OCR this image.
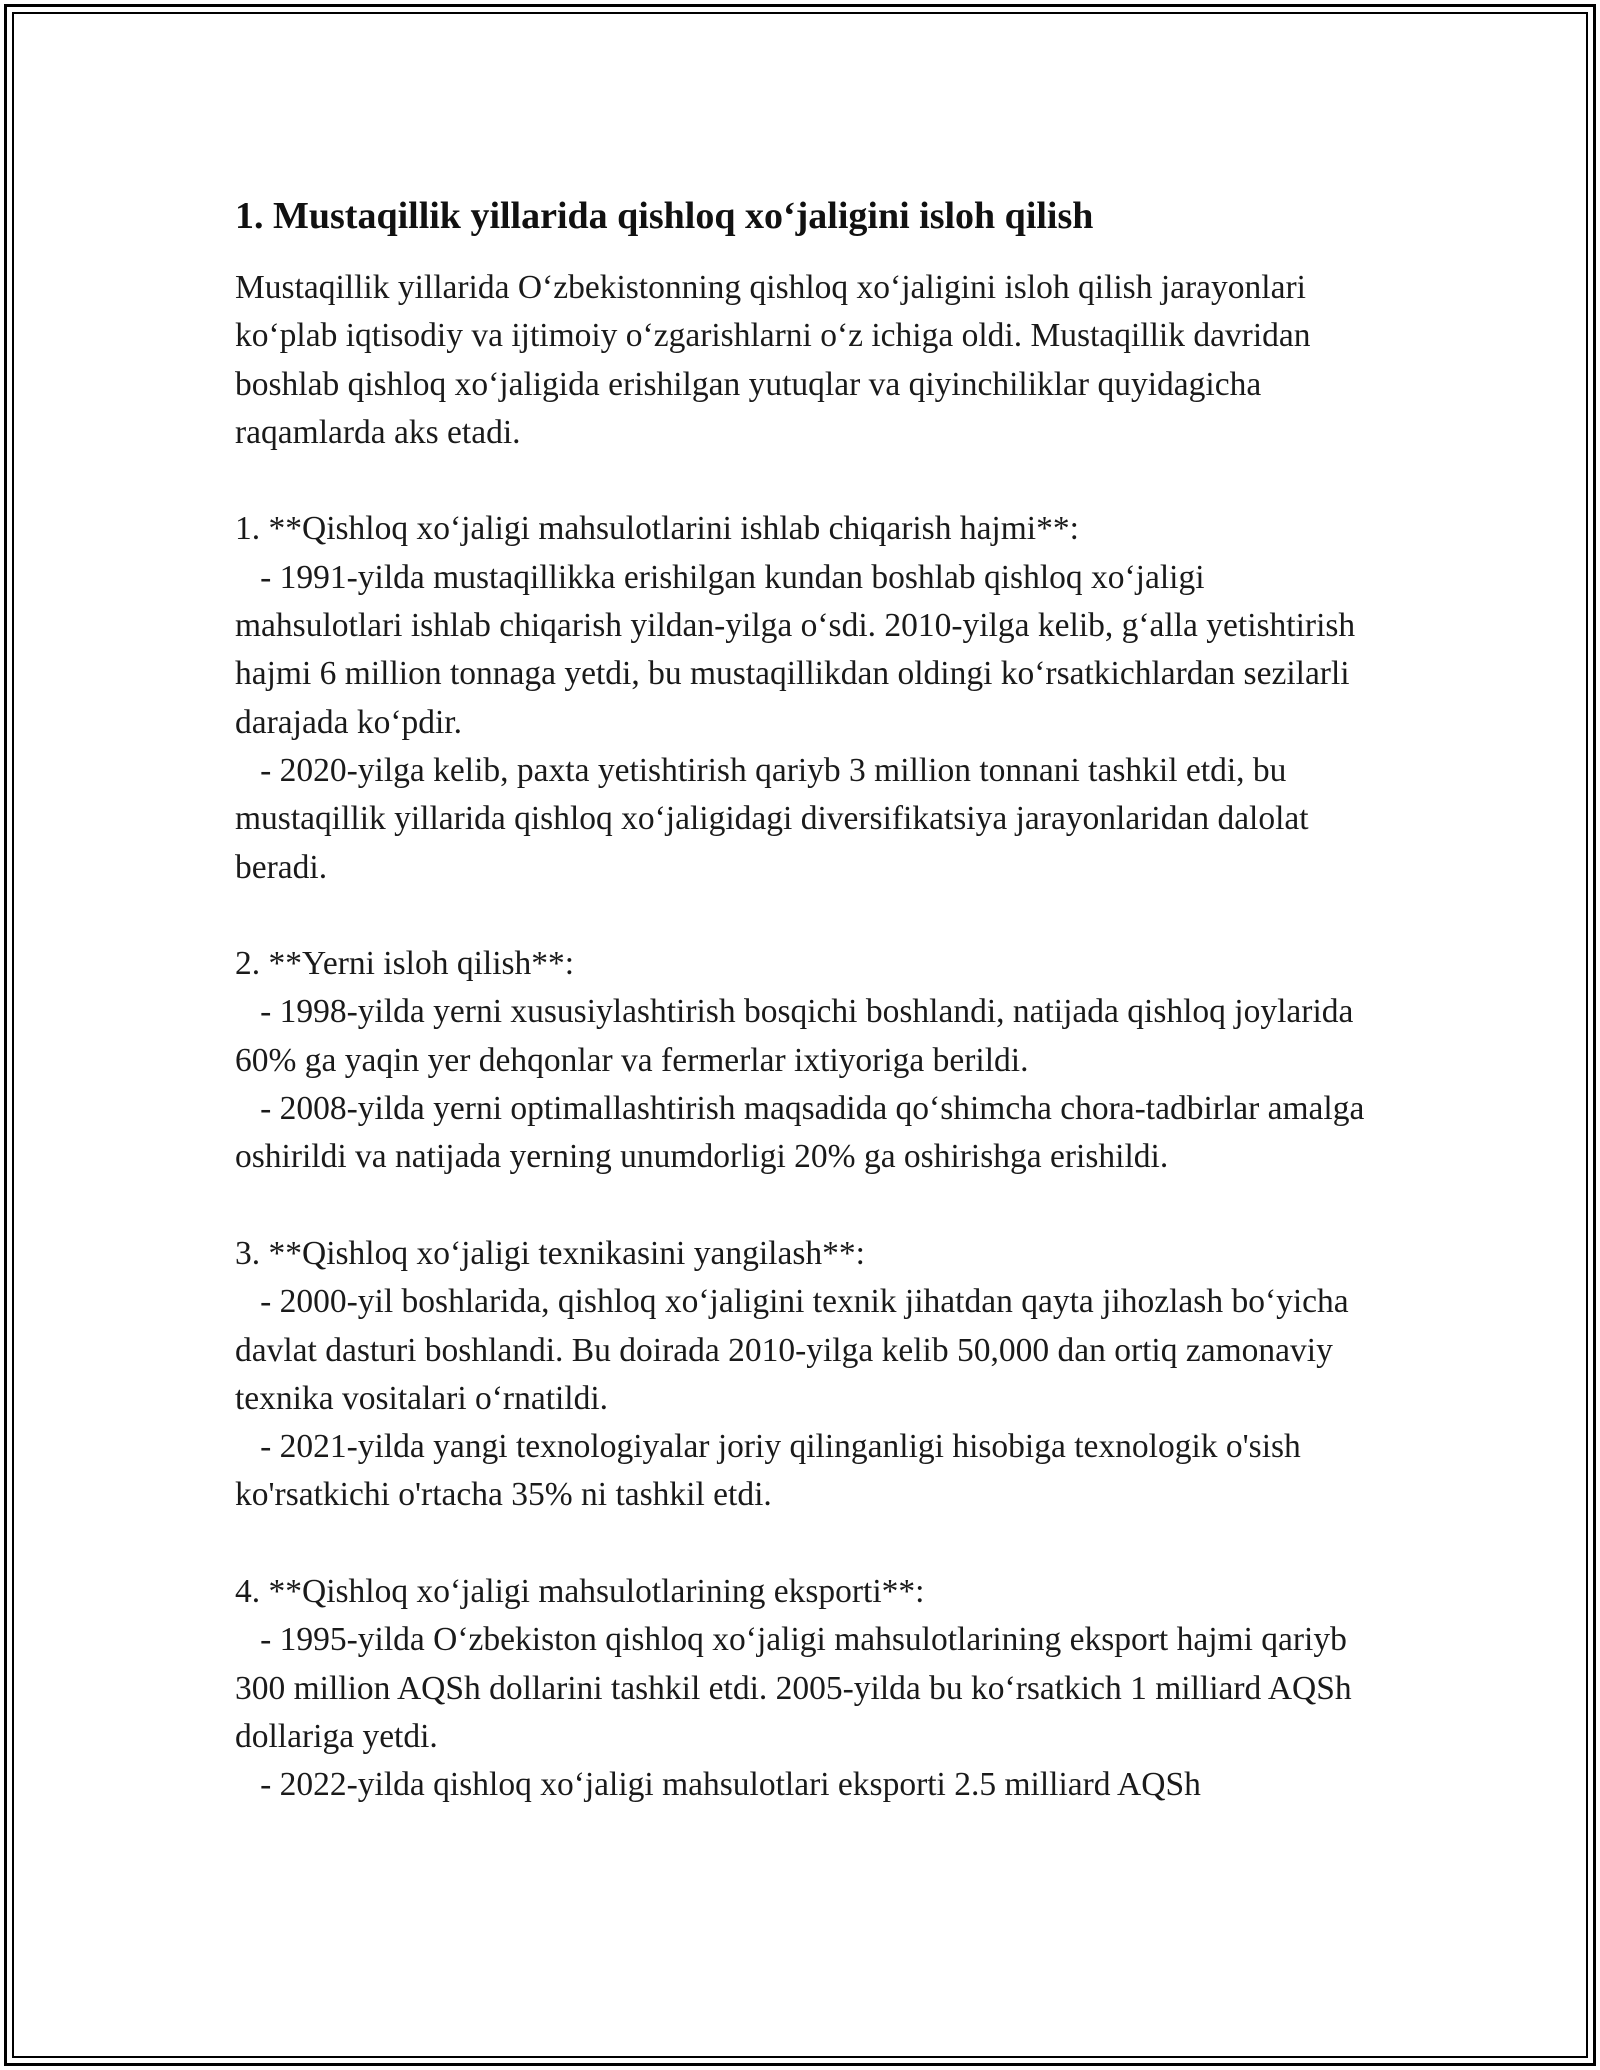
1. Mustaqillik yillarida qishloq xoʻjaligini isloh qilish

Mustaqillik yillarida Oʻzbekistonning qishloq xoʻjaligini isloh qilish jarayonlari koʻplab iqtisodiy va ijtimoiy oʻzgarishlarni oʻz ichiga oldi. Mustaqillik davridan boshlab qishloq xoʻjaligida erishilgan yutuqlar va qiyinchiliklar quyidagicha raqamlarda aks etadi.

1. **Qishloq xoʻjaligi mahsulotlarini ishlab chiqarish hajmi**:

- 1991-yilda mustaqillikka erishilgan kundan boshlab qishloq xoʻjaligi mahsulotlari ishlab chiqarish yildan-yilga oʻsdi. 2010-yilga kelib, gʻalla yetishtirish hajmi 6 million tonnaga yetdi, bu mustaqillikdan oldingi koʻrsatkichlardan sezilarli darajada koʻpdir.

- 2020-yilga kelib, paxta yetishtirish qariyb 3 million tonnani tashkil etdi, bu mustaqillik yillarida qishloq xoʻjaligidagi diversifikatsiya jarayonlaridan dalolat beradi.

2. **Yerni isloh qilish**:

- 1998-yilda yerni xususiylashtirish bosqichi boshlandi, natijada qishloq joylarida 60% ga yaqin yer dehqonlar va fermerlar ixtiyoriga berildi.

- 2008-yilda yerni optimallashtirish maqsadida qoʻshimcha chora-tadbirlar amalga oshirildi va natijada yerning unumdorligi 20% ga oshirishga erishildi.

3. **Qishloq xoʻjaligi texnikasini yangilash**:

- 2000-yil boshlarida, qishloq xoʻjaligini texnik jihatdan qayta jihozlash boʻyicha davlat dasturi boshlandi. Bu doirada 2010-yilga kelib 50,000 dan ortiq zamonaviy texnika vositalari oʻrnatildi.

- 2021-yilda yangi texnologiyalar joriy qilinganligi hisobiga texnologik o'sish ko'rsatkichi o'rtacha 35% ni tashkil etdi.

4. **Qishloq xoʻjaligi mahsulotlarining eksporti**:

- 1995-yilda Oʻzbekiston qishloq xoʻjaligi mahsulotlarining eksport hajmi qariyb 300 million AQSh dollarini tashkil etdi. 2005-yilda bu koʻrsatkich 1 milliard AQSh dollariga yetdi.

- 2022-yilda qishloq xoʻjaligi mahsulotlari eksporti 2.5 milliard AQSh
